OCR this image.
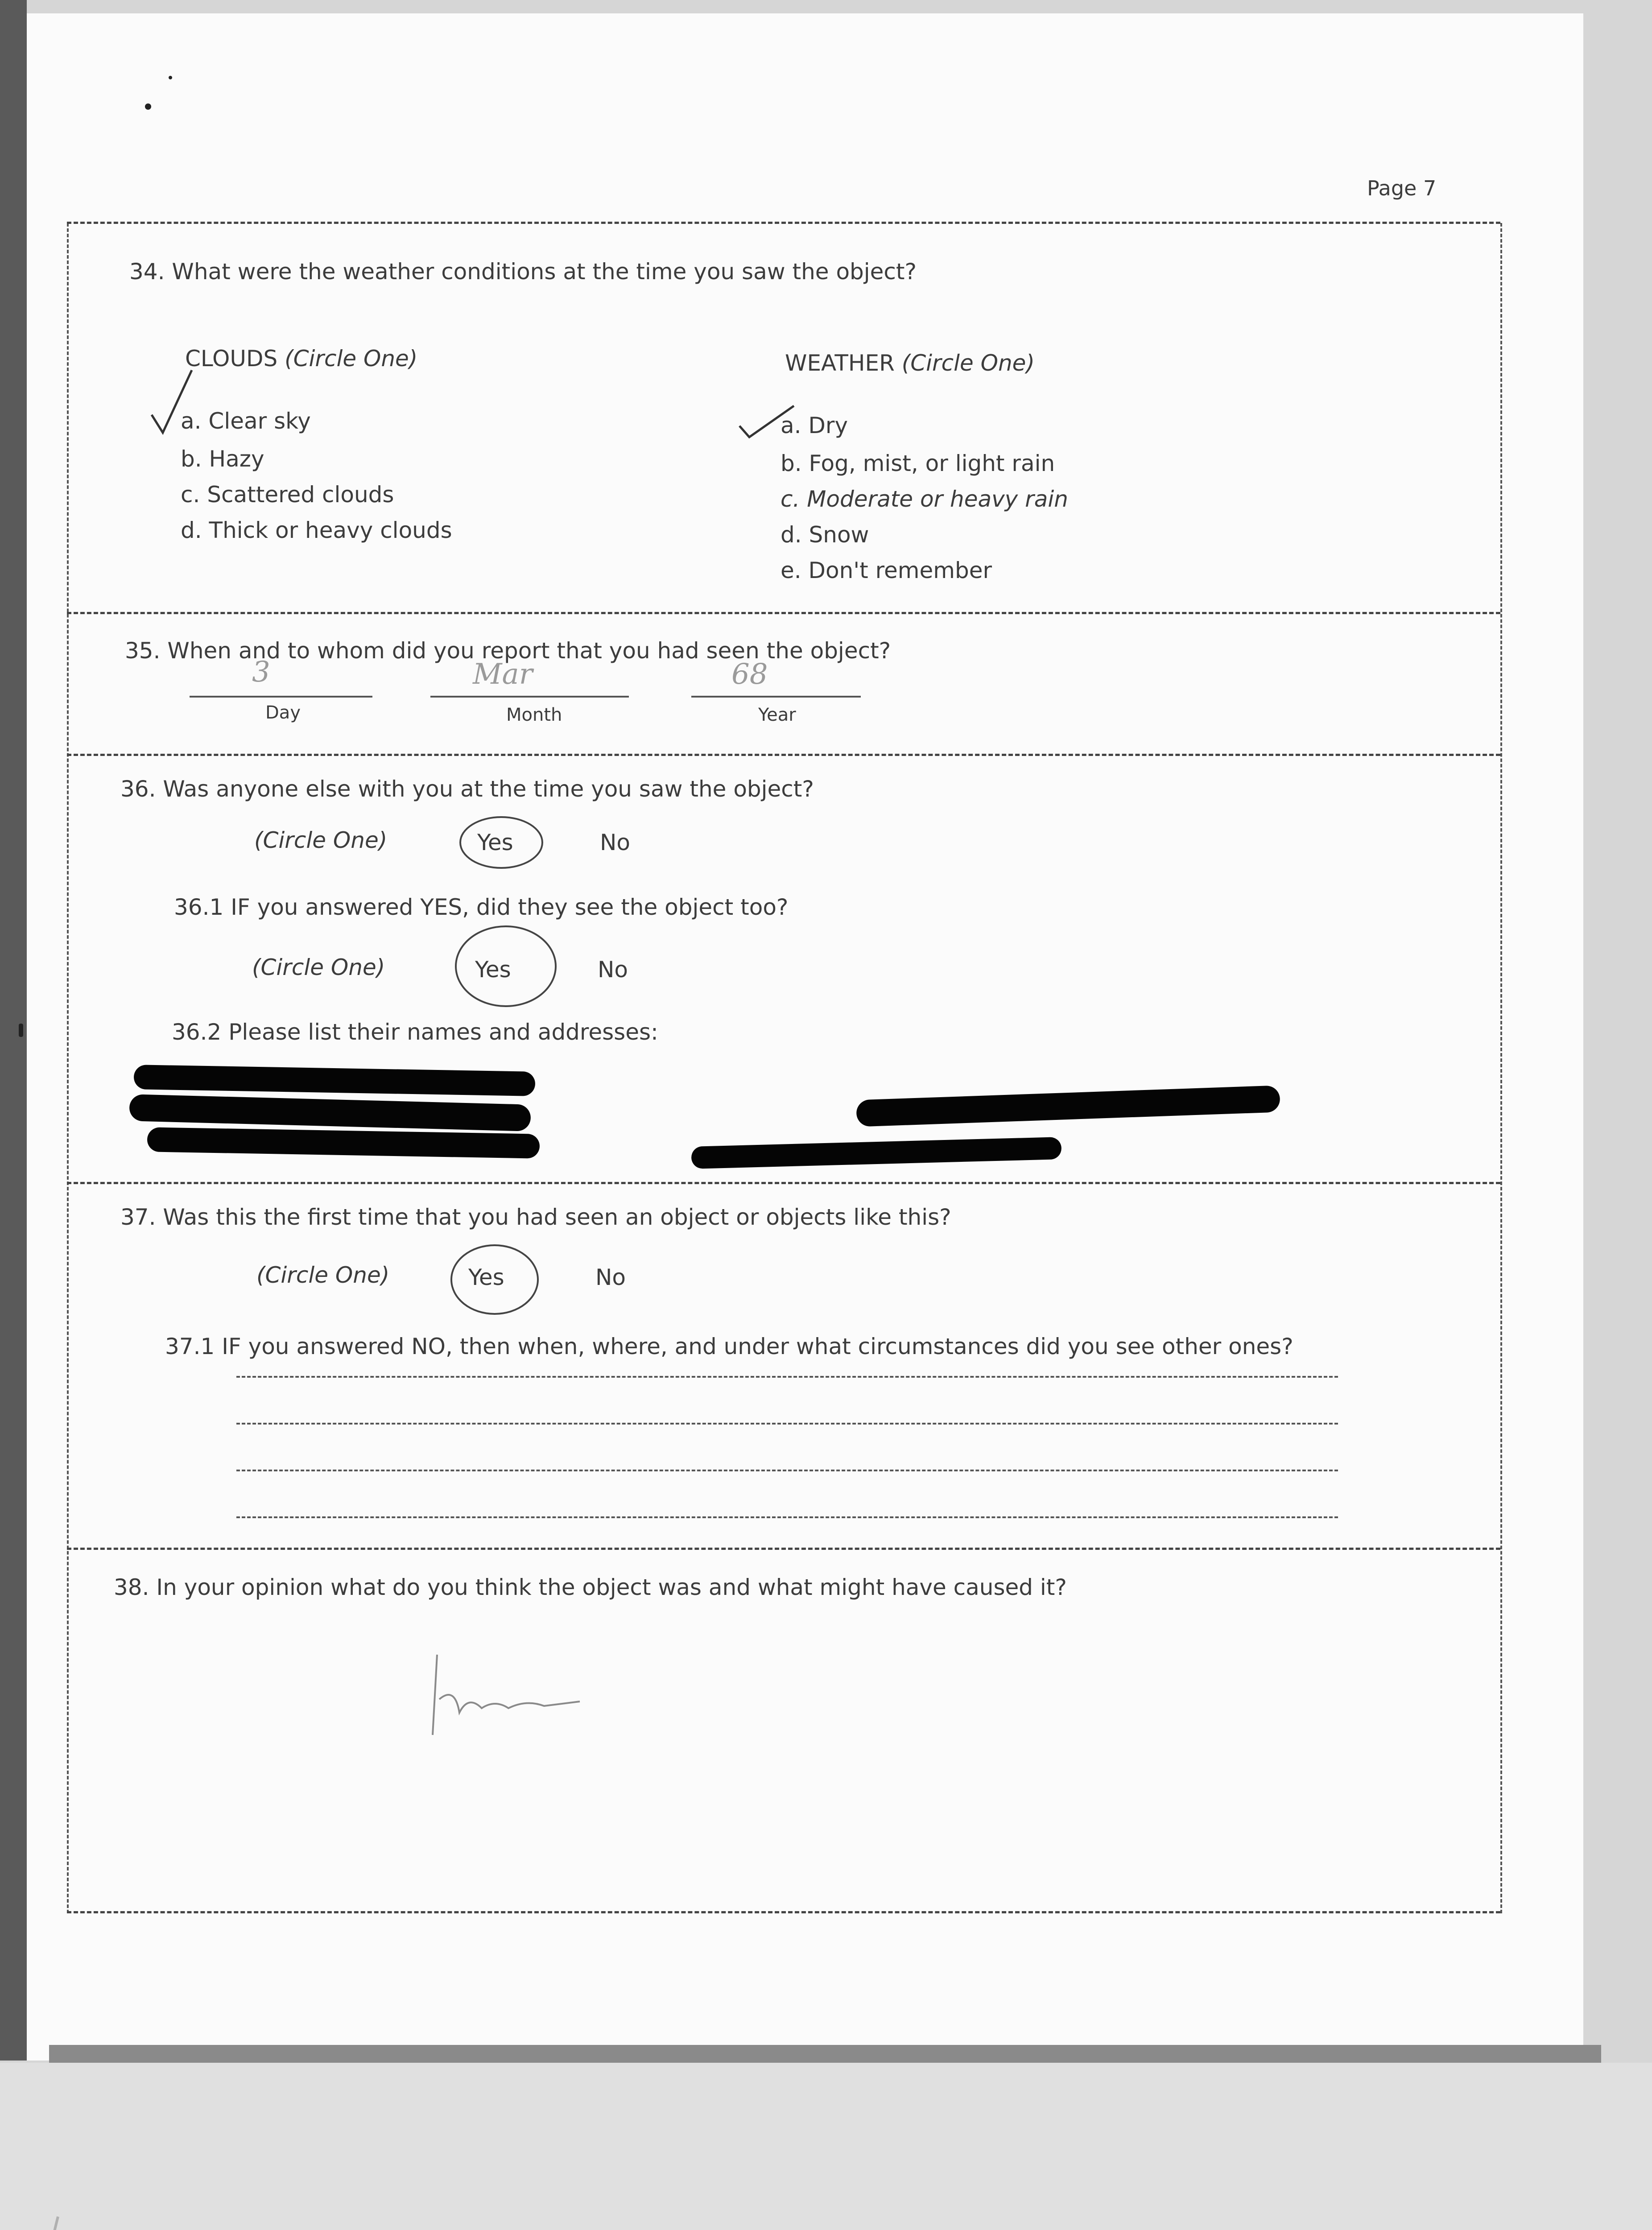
Page 7
34. What were the weather conditions at the time you saw the object?
CLOUDS (Circle One)
a. Clear sky
b. Hazy
c. Scattered clouds
d. Thick or heavy clouds
WEATHER (Circle One)
a. Dry
b. Fog, mist, or light rain
c. Moderate or heavy rain
d. Snow
e. Don't remember
35. When and to whom did you report that you had seen the object?
3	Mar	68
Day	Month	Year
36. Was anyone else with you at the time you saw the object?
(Circle One)	Yes	No
36.1 IF you answered YES, did they see the object too?
(Circle One)	Yes	No
36.2 Please list their names and addresses:
37. Was this the first time that you had seen an object or objects like this?
(Circle One)	Yes	No
37.1 IF you answered NO, then when, where, and under what circumstances did you see other ones?
38. In your opinion what do you think the object was and what might have caused it?
